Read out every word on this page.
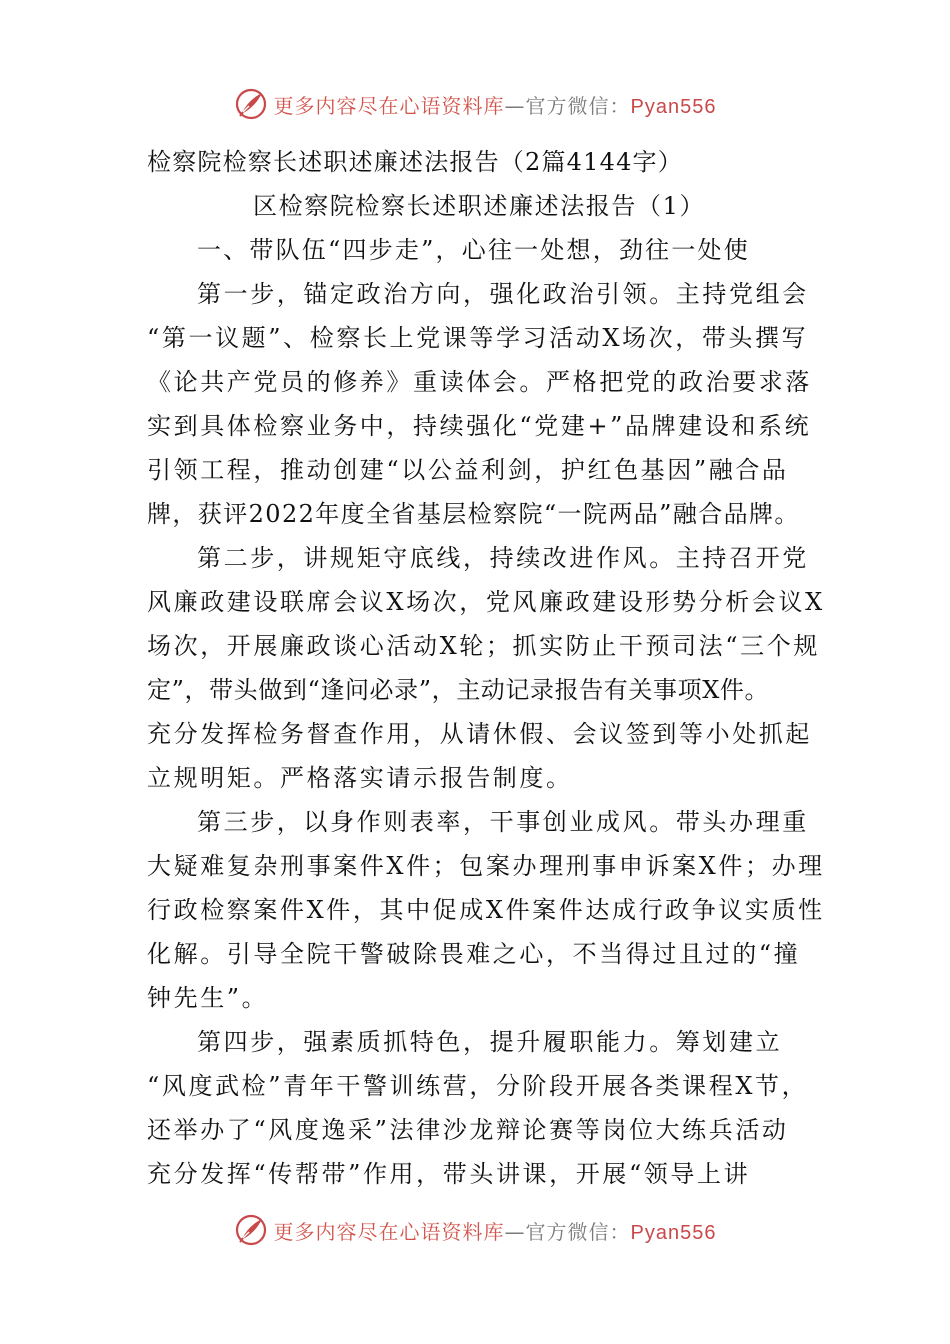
更多内容尽在心语资料库—官方微信：Pyan556
检察院检察长述职述廉述法报告（2篇4144字）
区检察院检察长述职述廉述法报告（1）
一、带队伍“四步走”，心往一处想，劲往一处使
第一步，锚定政治方向，强化政治引领。主持党组会
“第一议题”、检察长上党课等学习活动X场次，带头撰写
《论共产党员的修养》重读体会。严格把党的政治要求落
实到具体检察业务中，持续强化“党建+”品牌建设和系统
引领工程，推动创建“以公益利剑，护红色基因”融合品
牌，获评2022年度全省基层检察院“一院两品”融合品牌。
第二步，讲规矩守底线，持续改进作风。主持召开党
风廉政建设联席会议X场次，党风廉政建设形势分析会议X
场次，开展廉政谈心活动X轮；抓实防止干预司法“三个规
定”，带头做到“逢问必录”，主动记录报告有关事项X件。
充分发挥检务督查作用，从请休假、会议签到等小处抓起
立规明矩。严格落实请示报告制度。
第三步，以身作则表率，干事创业成风。带头办理重
大疑难复杂刑事案件X件；包案办理刑事申诉案X件；办理
行政检察案件X件，其中促成X件案件达成行政争议实质性
化解。引导全院干警破除畏难之心，不当得过且过的“撞
钟先生”。
第四步，强素质抓特色，提升履职能力。筹划建立
“风度武检”青年干警训练营，分阶段开展各类课程X节，
还举办了“风度逸采”法律沙龙辩论赛等岗位大练兵活动
充分发挥“传帮带”作用，带头讲课，开展“领导上讲
更多内容尽在心语资料库—官方微信：Pyan556
